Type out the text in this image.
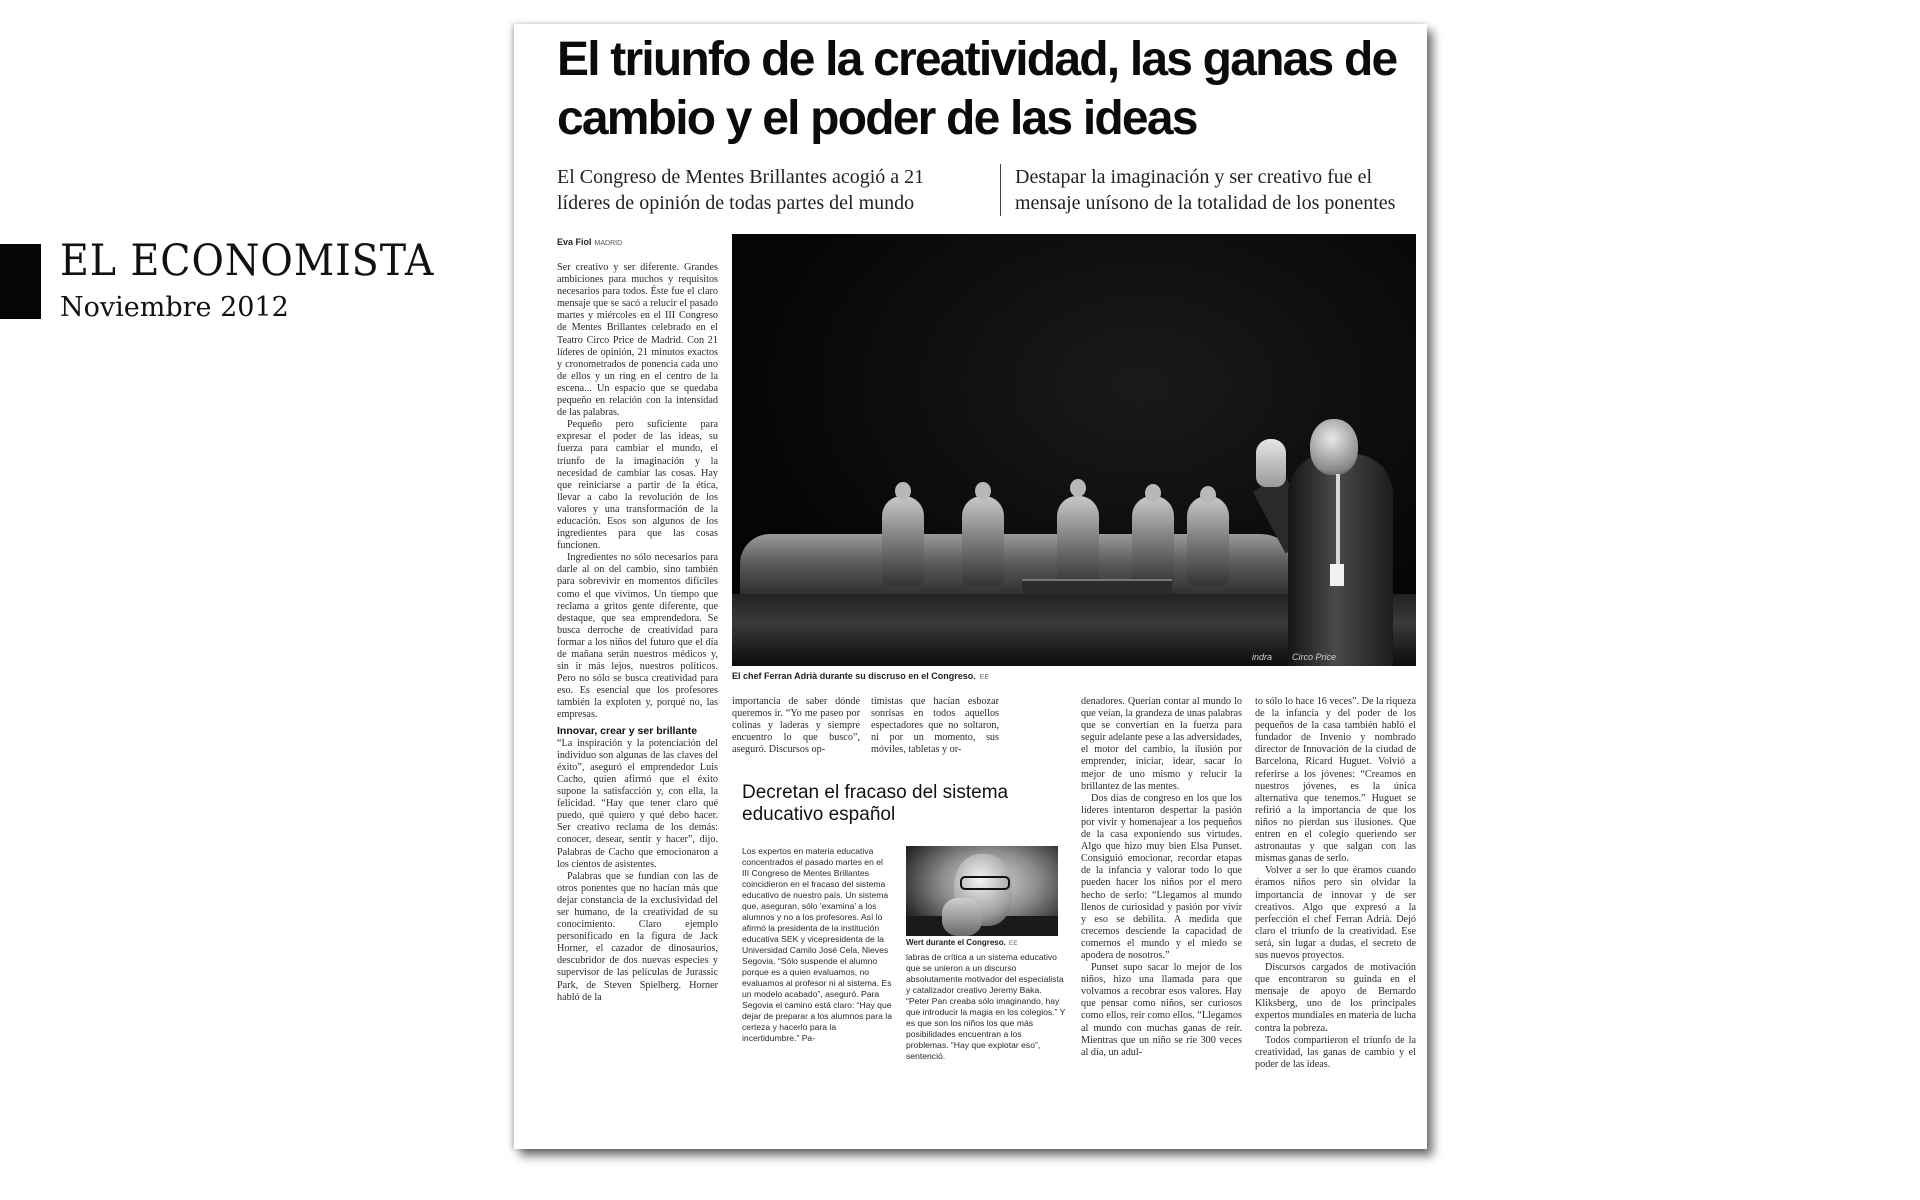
EL ECONOMISTA
Noviembre 2012
El triunfo de la creatividad, las ganas de cambio y el poder de las ideas
El Congreso de Mentes Brillantes acogió a 21 líderes de opinión de todas partes del mundo
Destapar la imaginación y ser creativo fue el mensaje unísono de la totalidad de los ponentes
Eva Fiol MADRID

Ser creativo y ser diferente. Grandes ambiciones para muchos y requisitos necesarios para todos. Éste fue el claro mensaje que se sacó a relucir el pasado martes y miércoles en el III Congreso de Mentes Brillantes celebrado en el Teatro Circo Price de Madrid. Con 21 líderes de opinión, 21 minutos exactos y cronometrados de ponencia cada uno de ellos y un ring en el centro de la escena... Un espacio que se quedaba pequeño en relación con la intensidad de las palabras.

Pequeño pero suficiente para expresar el poder de las ideas, su fuerza para cambiar el mundo, el triunfo de la imaginación y la necesidad de cambiar las cosas. Hay que reiniciarse a partir de la ética, llevar a cabo la revolución de los valores y una transformación de la educación. Esos son algunos de los ingredientes para que las cosas funcionen.

Ingredientes no sólo necesarios para darle al on del cambio, sino también para sobrevivir en momentos difíciles como el que vivimos. Un tiempo que reclama a gritos gente diferente, que destaque, que sea emprendedora. Se busca derroche de creatividad para formar a los niños del futuro que el día de mañana serán nuestros médicos y, sin ir más lejos, nuestros políticos. Pero no sólo se busca creatividad para eso. Es esencial que los profesores también la exploten y, porqué no, las empresas.

Innovar, crear y ser brillante

“La inspiración y la potenciación del individuo son algunas de las claves del éxito”, aseguró el emprendedor Luis Cacho, quien afirmó que el éxito supone la satisfacción y, con ella, la felicidad. “Hay que tener claro qué puedo, qué quiero y qué debo hacer. Ser creativo reclama de los demás: conocer, desear, sentir y hacer”, dijo. Palabras de Cacho que emocionaron a los cientos de asistentes.

Palabras que se fundían con las de otros ponentes que no hacían más que dejar constancia de la exclusividad del ser humano, de la creatividad de su conocimiento. Claro ejemplo personificado en la figura de Jack Horner, el cazador de dinosaurios, descubridor de dos nuevas especies y supervisor de las películas de Jurassic Park, de Steven Spielberg. Horner habló de la

indra Circo Price
El chef Ferran Adrià durante su discruso en el Congreso. EE

importancia de saber dónde queremos ir. “Yo me paseo por colinas y laderas y siempre encuentro lo que busco”, aseguró. Discursos op-

timistas que hacían esbozar sonrisas en todos aquellos espectadores que no soltaron, ni por un momento, sus móviles, tabletas y or-

Decretan el fracaso del sistema educativo español

Los expertos en materia educativa concentrados el pasado martes en el III Congreso de Mentes Brillantes coincidieron en el fracaso del sistema educativo de nuestro país. Un sistema que, aseguran, sólo ‘examina’ a los alumnos y no a los profesores. Así lo afirmó la presidenta de la institución educativa SEK y vicepresidenta de la Universidad Camilo José Cela, Nieves Segovia. “Sólo suspende el alumno porque es a quien evaluamos, no evaluamos al profesor ni al sistema. Es un modelo acabado”, aseguró. Para Segovia el camino está claro: “Hay que dejar de preparar a los alumnos para la certeza y hacerlo para la incertidumbre.” Pa-

Wert durante el Congreso. EE

labras de crítica a un sistema educativo que se unieron a un discurso absolutamente motivador del especialista y catalizador creativo Jeremy Baka. “Peter Pan creaba sólo imaginando, hay que introducir la magia en los colegios.” Y es que son los niños los que más posibilidades encuentran a los problemas. “Hay que explotar eso”, sentenció.

denadores. Querían contar al mundo lo que veían, la grandeza de unas palabras que se convertían en la fuerza para seguir adelante pese a las adversidades, el motor del cambio, la ilusión por emprender, iniciar, idear, sacar lo mejor de uno mismo y relucir la brillantez de las mentes.

Dos días de congreso en los que los líderes intentaron despertar la pasión por vivir y homenajear a los pequeños de la casa exponiendo sus virtudes. Algo que hizo muy bien Elsa Punset. Consiguió emocionar, recordar etapas de la infancia y valorar todo lo que pueden hacer los niños por el mero hecho de serlo: “Llegamos al mundo llenos de curiosidad y pasión por vivir y eso se debilita. A medida que crecemos desciende la capacidad de comernos el mundo y el miedo se apodera de nosotros.”

Punset supo sacar lo mejor de los niños, hizo una llamada para que volvamos a recobrar esos valores. Hay que pensar como niños, ser curiosos como ellos, reír como ellos. “Llegamos al mundo con muchas ganas de reír. Mientras que un niño se ríe 300 veces al día, un adul-

to sólo lo hace 16 veces”. De la riqueza de la infancia y del poder de los pequeños de la casa también habló el fundador de Invenio y nombrado director de Innovación de la ciudad de Barcelona, Ricard Huguet. Volvió a referirse a los jóvenes: “Creamos en nuestros jóvenes, es la única alternativa que tenemos.” Huguet se refirió a la importancia de que los niños no pierdan sus ilusiones. Que entren en el colegio queriendo ser astronautas y que salgan con las mismas ganas de serlo.

Volver a ser lo que éramos cuando éramos niños pero sin olvidar la importancia de innovar y de ser creativos. Algo que expresó a la perfección el chef Ferran Adrià. Dejó claro el triunfo de la creatividad. Ese será, sin lugar a dudas, el secreto de sus nuevos proyectos.

Discursos cargados de motivación que encontraron su guinda en el mensaje de apoyo de Bernardo Kliksberg, uno de los principales expertos mundiales en materia de lucha contra la pobreza.

Todos compartieron el triunfo de la creatividad, las ganas de cambio y el poder de las ideas.
